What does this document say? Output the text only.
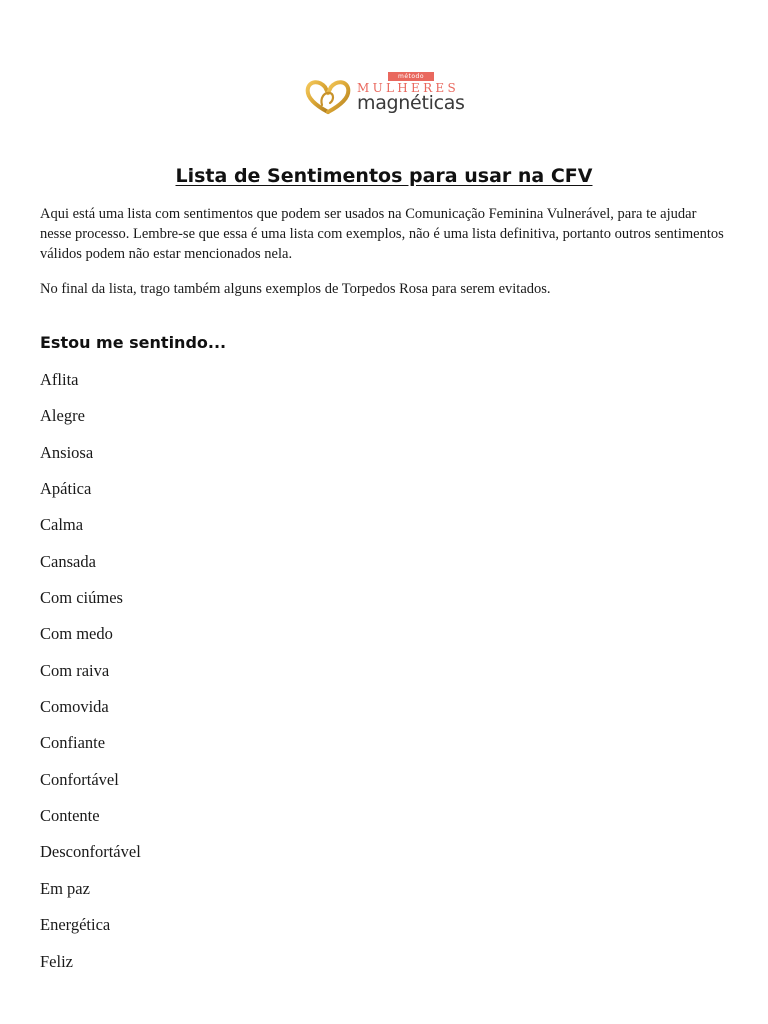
método
MULHERES
magnéticas
Lista de Sentimentos para usar na CFV

Aqui está uma lista com sentimentos que podem ser usados na Comunicação Feminina Vulnerável, para te ajudar nesse processo. Lembre-se que essa é uma lista com exemplos, não é uma lista definitiva, portanto outros sentimentos válidos podem não estar mencionados nela.

No final da lista, trago também alguns exemplos de Torpedos Rosa para serem evitados.

Estou me sentindo...
Aflita
Alegre
Ansiosa
Apática
Calma
Cansada
Com ciúmes
Com medo
Com raiva
Comovida
Confiante
Confortável
Contente
Desconfortável
Em paz
Energética
Feliz
